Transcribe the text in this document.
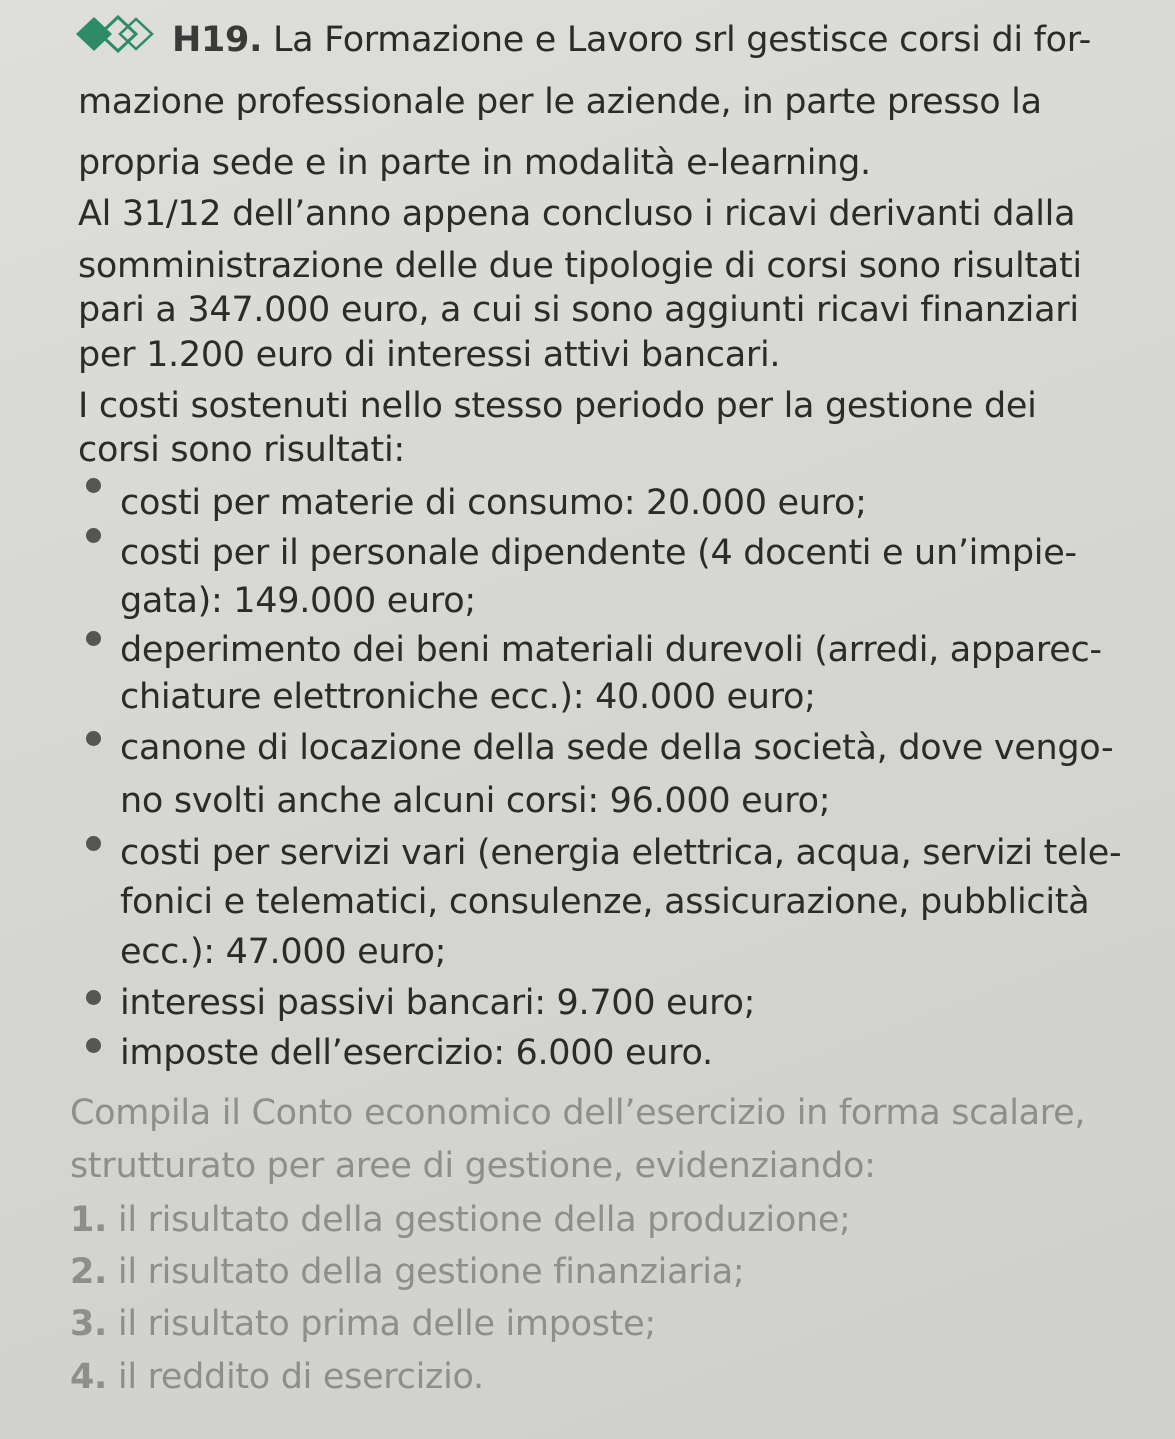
H19. La Formazione e Lavoro srl gestisce corsi di for-
mazione professionale per le aziende, in parte presso la
propria sede e in parte in modalità e-learning.
Al 31/12 dell’anno appena concluso i ricavi derivanti dalla
somministrazione delle due tipologie di corsi sono risultati
pari a 347.000 euro, a cui si sono aggiunti ricavi finanziari
per 1.200 euro di interessi attivi bancari.
I costi sostenuti nello stesso periodo per la gestione dei
corsi sono risultati:
costi per materie di consumo: 20.000 euro;
costi per il personale dipendente (4 docenti e un’impie-
gata): 149.000 euro;
deperimento dei beni materiali durevoli (arredi, apparec-
chiature elettroniche ecc.): 40.000 euro;
canone di locazione della sede della società, dove vengo-
no svolti anche alcuni corsi: 96.000 euro;
costi per servizi vari (energia elettrica, acqua, servizi tele-
fonici e telematici, consulenze, assicurazione, pubblicità
ecc.): 47.000 euro;
interessi passivi bancari: 9.700 euro;
imposte dell’esercizio: 6.000 euro.
Compila il Conto economico dell’esercizio in forma scalare,
strutturato per aree di gestione, evidenziando:
1. il risultato della gestione della produzione;
2. il risultato della gestione finanziaria;
3. il risultato prima delle imposte;
4. il reddito di esercizio.
